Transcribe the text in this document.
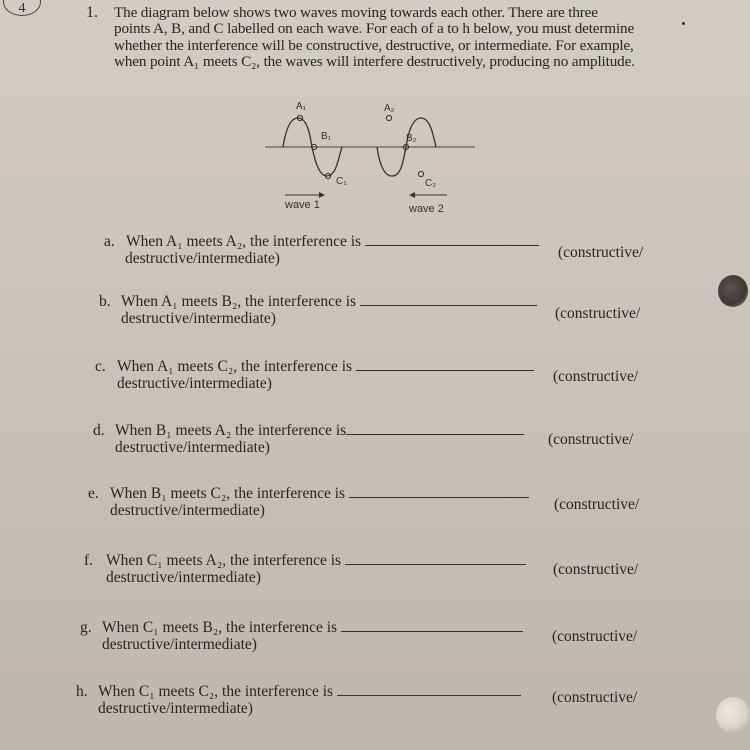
4	1. The diagram below shows two waves moving towards each other. There are three

points A, B, and C labelled on each wave. For each of a to h below, you must determine

whether the interference will be constructive, destructive, or intermediate. For example,

when point A₁ meets C₂, the waves will interfere destructively, producing no amplitude.

A₁
B₁
C₁
A₂
B₂
C₂
wave 1	wave 2
a. When A₁ meets A₂, the interference is
(constructive/
destructive/intermediate)
b. When A₁ meets B₂, the interference is
(constructive/
destructive/intermediate)
c. When A₁ meets C₂, the interference is
(constructive/
destructive/intermediate)
d. When B₁ meets A₂ the interference is
(constructive/
destructive/intermediate)
e. When B₁ meets C₂, the interference is
(constructive/
destructive/intermediate)
f. When C₁ meets A₂, the interference is
(constructive/
destructive/intermediate)
g. When C₁ meets B₂, the interference is
(constructive/
destructive/intermediate)
h. When C₁ meets C₂, the interference is	(constructive/
destructive/intermediate)
